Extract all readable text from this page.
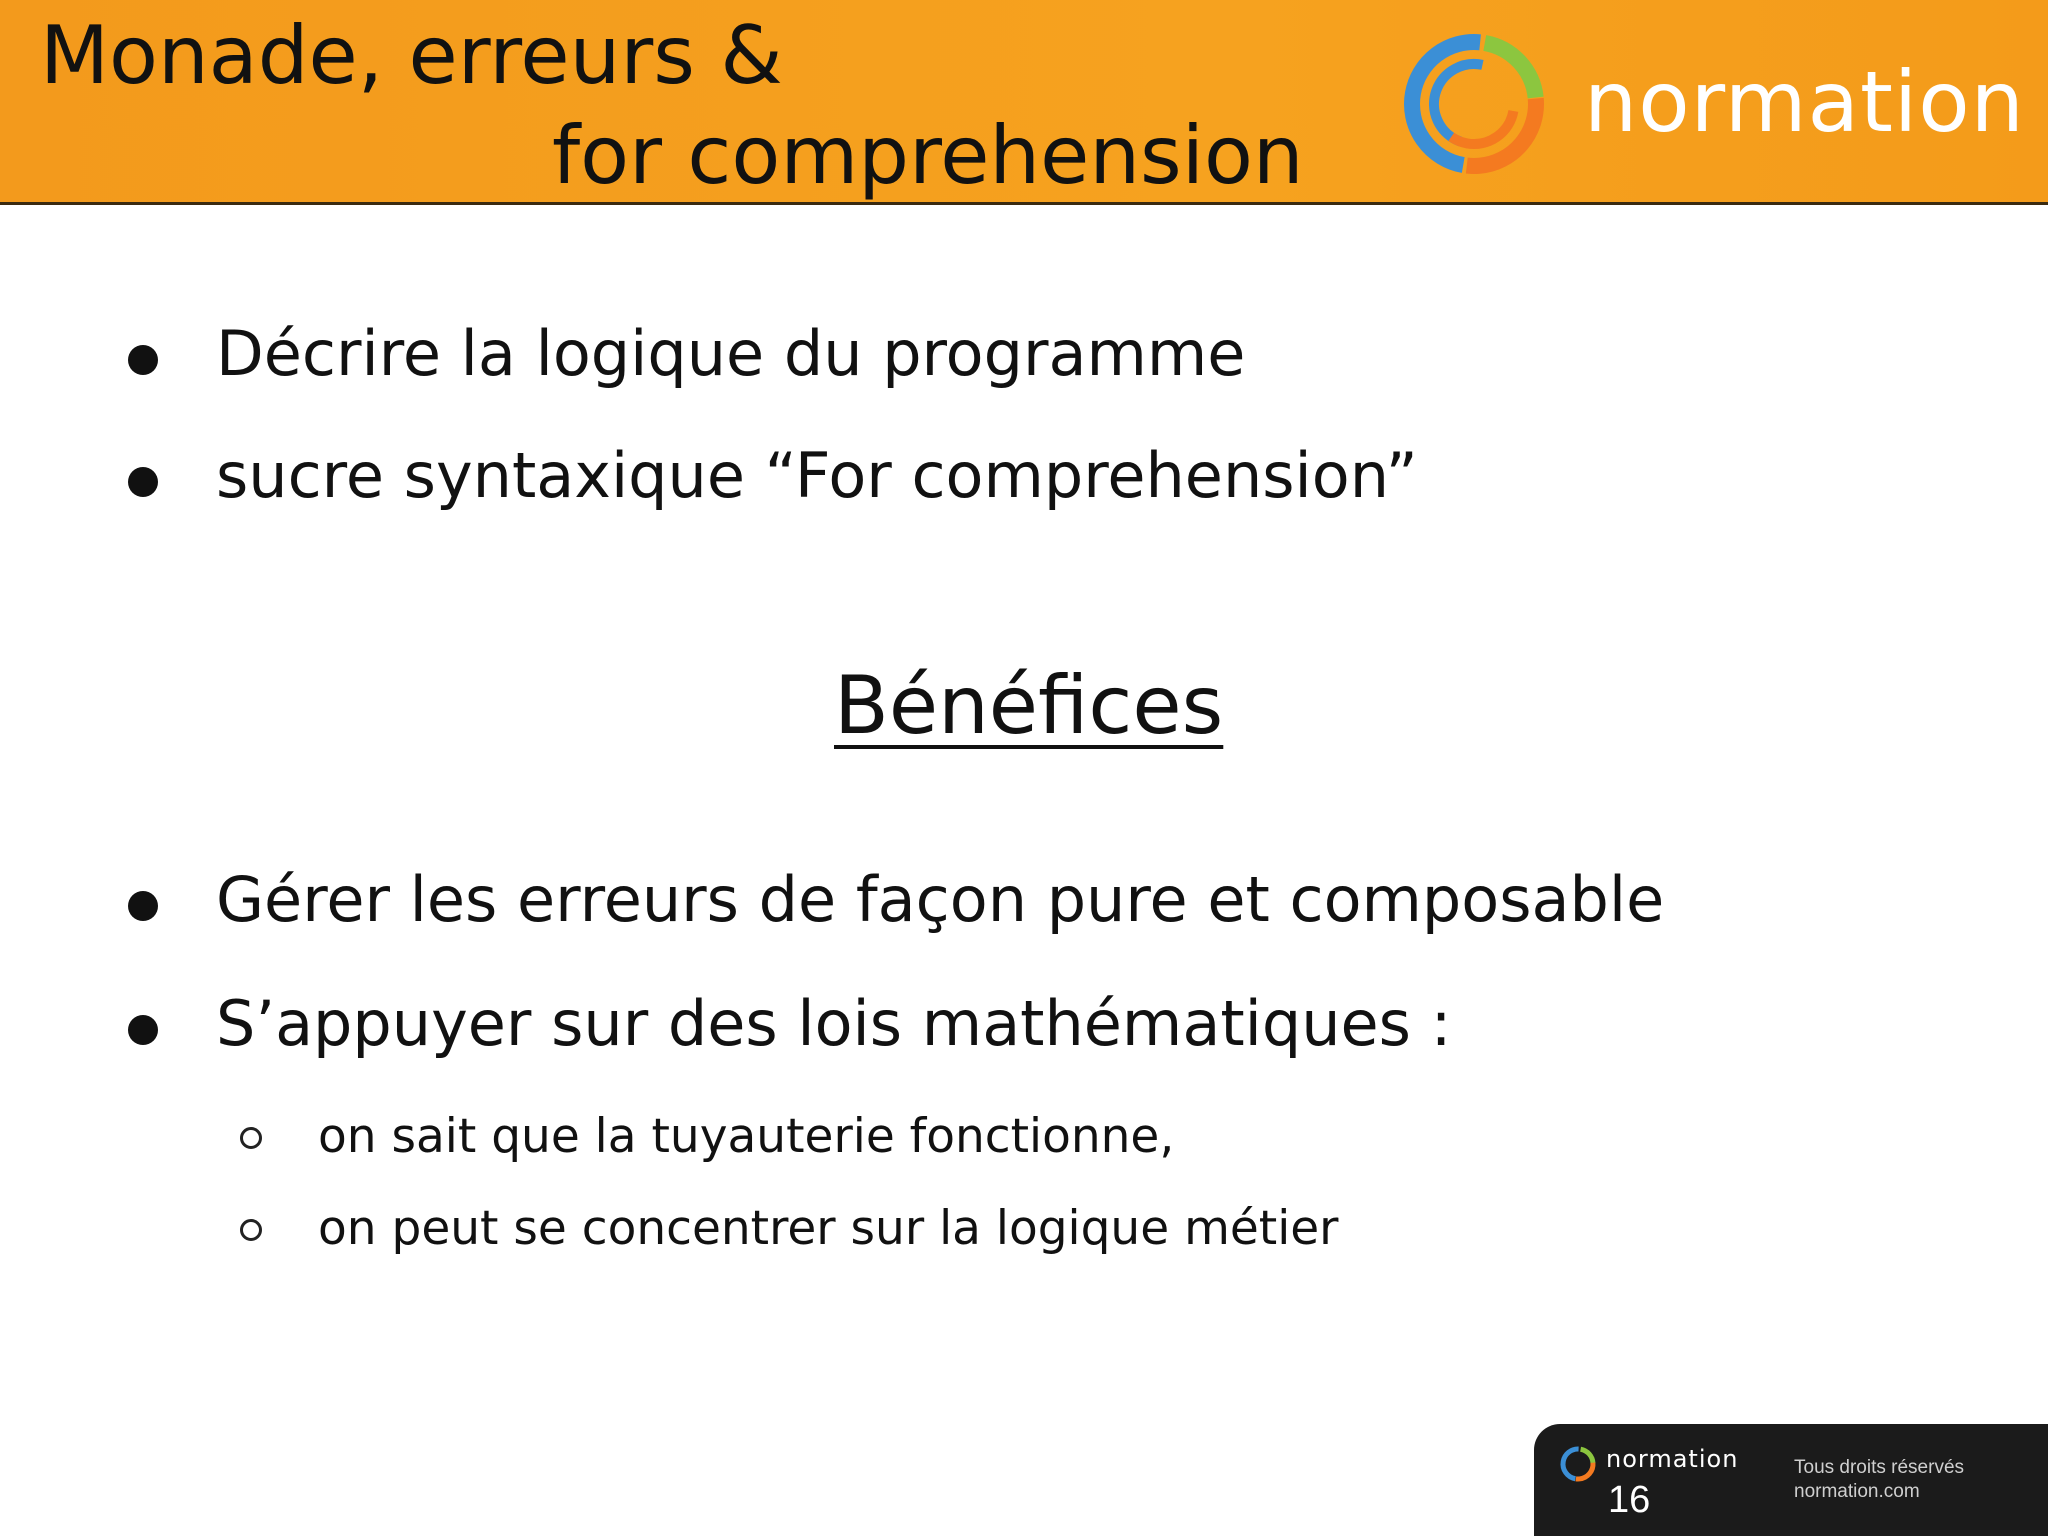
Monade, erreurs &
for comprehension
normation
Décrire la logique du programme
sucre syntaxique “For comprehension”
Bénéfices
Gérer les erreurs de façon pure et composable
S’appuyer sur des lois mathématiques :
on sait que la tuyauterie fonctionne,
on peut se concentrer sur la logique métier
normation
16
Tous droits réservés
normation.com
